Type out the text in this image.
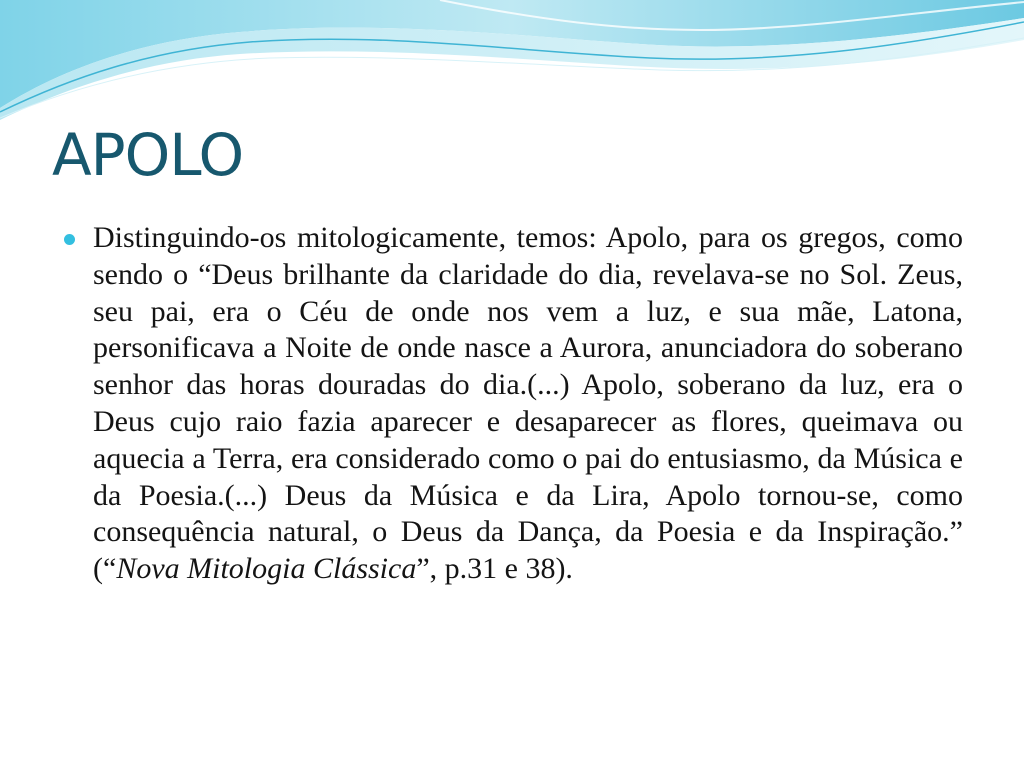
APOLO

Distinguindo-os mitologicamente, temos: Apolo, para os gregos, como sendo o “Deus brilhante da claridade do dia, revelava-se no Sol. Zeus, seu pai, era o Céu de onde nos vem a luz, e sua mãe, Latona, personificava a Noite de onde nasce a Aurora, anunciadora do soberano senhor das horas douradas do dia.(...) Apolo, soberano da luz, era o Deus cujo raio fazia aparecer e desaparecer as flores, queimava ou aquecia a Terra, era considerado como o pai do entusiasmo, da Música e da Poesia.(...) Deus da Música e da Lira, Apolo tornou-se, como consequência natural, o Deus da Dança, da Poesia e da Inspiração.” (“Nova Mitologia Clássica”, p.31 e 38).
